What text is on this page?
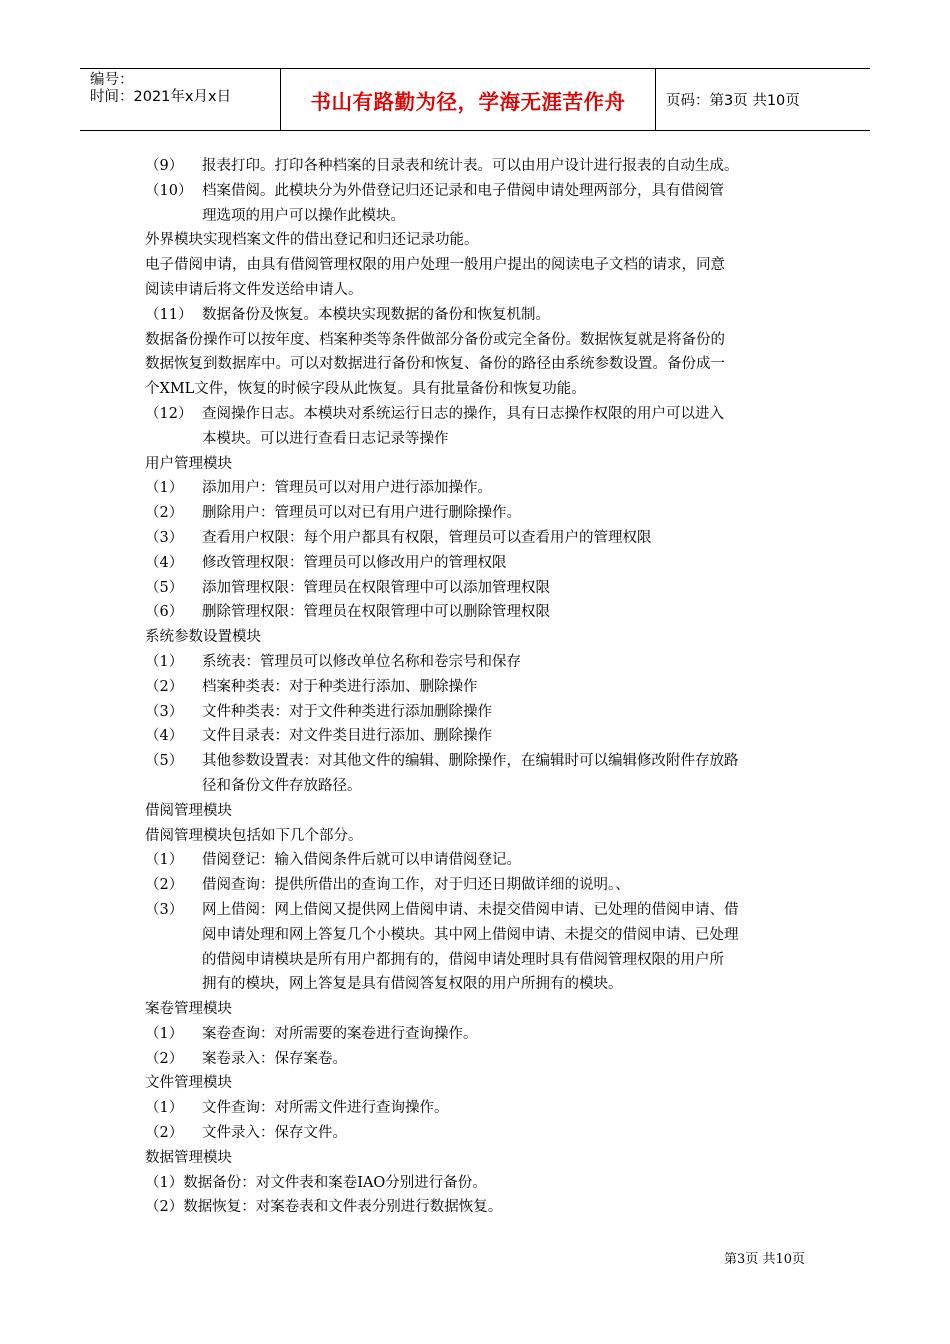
编号：
时间：2021年x月x日	书山有路勤为径，学海无涯苦作舟	页码：第3页 共10页
（9）	报表打印。打印各种档案的目录表和统计表。可以由用户设计进行报表的自动生成。
（10） 档案借阅。此模块分为外借登记归还记录和电子借阅申请处理两部分，具有借阅管
理选项的用户可以操作此模块。
外界模块实现档案文件的借出登记和归还记录功能。
电子借阅申请，由具有借阅管理权限的用户处理一般用户提出的阅读电子文档的请求，同意
阅读申请后将文件发送给申请人。
（11） 数据备份及恢复。本模块实现数据的备份和恢复机制。
数据备份操作可以按年度、档案种类等条件做部分备份或完全备份。数据恢复就是将备份的
数据恢复到数据库中。可以对数据进行备份和恢复、备份的路径由系统参数设置。备份成一
个XML文件，恢复的时候字段从此恢复。具有批量备份和恢复功能。
（12） 查阅操作日志。本模块对系统运行日志的操作，具有日志操作权限的用户可以进入
本模块。可以进行查看日志记录等操作
用户管理模块
（1）	添加用户：管理员可以对用户进行添加操作。
（2）	删除用户：管理员可以对已有用户进行删除操作。
（3）	查看用户权限：每个用户都具有权限，管理员可以查看用户的管理权限
（4）	修改管理权限：管理员可以修改用户的管理权限
（5）	添加管理权限：管理员在权限管理中可以添加管理权限
（6）	删除管理权限：管理员在权限管理中可以删除管理权限
系统参数设置模块
（1）	系统表：管理员可以修改单位名称和卷宗号和保存
（2）	档案种类表：对于种类进行添加、删除操作
（3）	文件种类表：对于文件种类进行添加删除操作
（4）	文件目录表：对文件类目进行添加、删除操作
（5）	其他参数设置表：对其他文件的编辑、删除操作，在编辑时可以编辑修改附件存放路
径和备份文件存放路径。
借阅管理模块
借阅管理模块包括如下几个部分。
（1）	借阅登记：输入借阅条件后就可以申请借阅登记。
（2）	借阅查询：提供所借出的查询工作，对于归还日期做详细的说明。、
（3）	网上借阅：网上借阅又提供网上借阅申请、未提交借阅申请、已处理的借阅申请、借
阅申请处理和网上答复几个小模块。其中网上借阅申请、未提交的借阅申请、已处理
的借阅申请模块是所有用户都拥有的，借阅申请处理时具有借阅管理权限的用户所
拥有的模块，网上答复是具有借阅答复权限的用户所拥有的模块。
案卷管理模块
（1）	案卷查询：对所需要的案卷进行查询操作。
（2）	案卷录入：保存案卷。
文件管理模块
（1）	文件查询：对所需文件进行查询操作。
（2）	文件录入：保存文件。
数据管理模块
（1）数据备份：对文件表和案卷IAO分别进行备份。
（2）数据恢复：对案卷表和文件表分别进行数据恢复。
第3页 共10页
